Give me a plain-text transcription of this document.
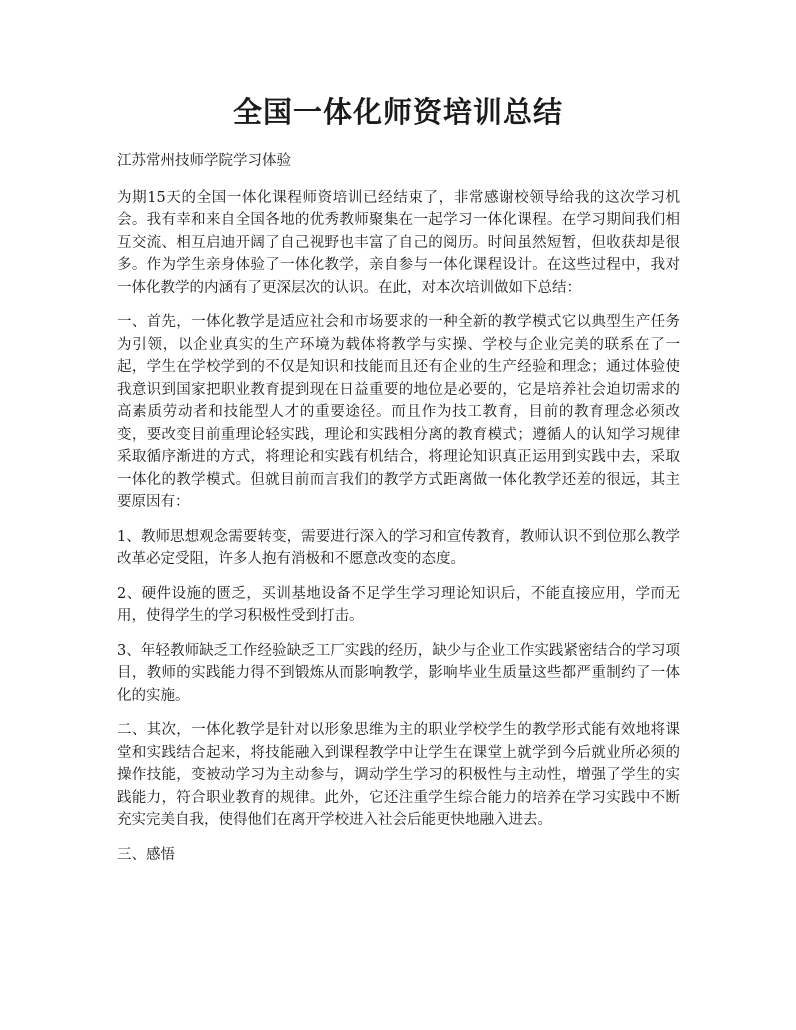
全国一体化师资培训总结

江苏常州技师学院学习体验

为期15天的全国一体化课程师资培训已经结束了，非常感谢校领导给我的这次学习机会。我有幸和来自全国各地的优秀教师聚集在一起学习一体化课程。在学习期间我们相互交流、相互启迪开阔了自己视野也丰富了自己的阅历。时间虽然短暂，但收获却是很多。作为学生亲身体验了一体化教学，亲自参与一体化课程设计。在这些过程中，我对一体化教学的内涵有了更深层次的认识。在此，对本次培训做如下总结：

一、首先，一体化教学是适应社会和市场要求的一种全新的教学模式它以典型生产任务为引领，以企业真实的生产环境为载体将教学与实操、学校与企业完美的联系在了一起，学生在学校学到的不仅是知识和技能而且还有企业的生产经验和理念；通过体验使我意识到国家把职业教育提到现在日益重要的地位是必要的，它是培养社会迫切需求的高素质劳动者和技能型人才的重要途径。而且作为技工教育，目前的教育理念必须改变，要改变目前重理论轻实践，理论和实践相分离的教育模式；遵循人的认知学习规律采取循序渐进的方式，将理论和实践有机结合，将理论知识真正运用到实践中去，采取一体化的教学模式。但就目前而言我们的教学方式距离做一体化教学还差的很远，其主要原因有：

1、教师思想观念需要转变，需要进行深入的学习和宣传教育，教师认识不到位那么教学改革必定受阻，许多人抱有消极和不愿意改变的态度。

2、硬件设施的匮乏，买训基地设备不足学生学习理论知识后，不能直接应用，学而无用，使得学生的学习积极性受到打击。

3、年轻教师缺乏工作经验缺乏工厂实践的经历，缺少与企业工作实践紧密结合的学习项目，教师的实践能力得不到锻炼从而影响教学，影响毕业生质量这些都严重制约了一体化的实施。

二、其次，一体化教学是针对以形象思维为主的职业学校学生的教学形式能有效地将课堂和实践结合起来，将技能融入到课程教学中让学生在课堂上就学到今后就业所必须的操作技能，变被动学习为主动参与，调动学生学习的积极性与主动性，增强了学生的实践能力，符合职业教育的规律。此外，它还注重学生综合能力的培养在学习实践中不断充实完美自我，使得他们在离开学校进入社会后能更快地融入进去。

三、感悟
